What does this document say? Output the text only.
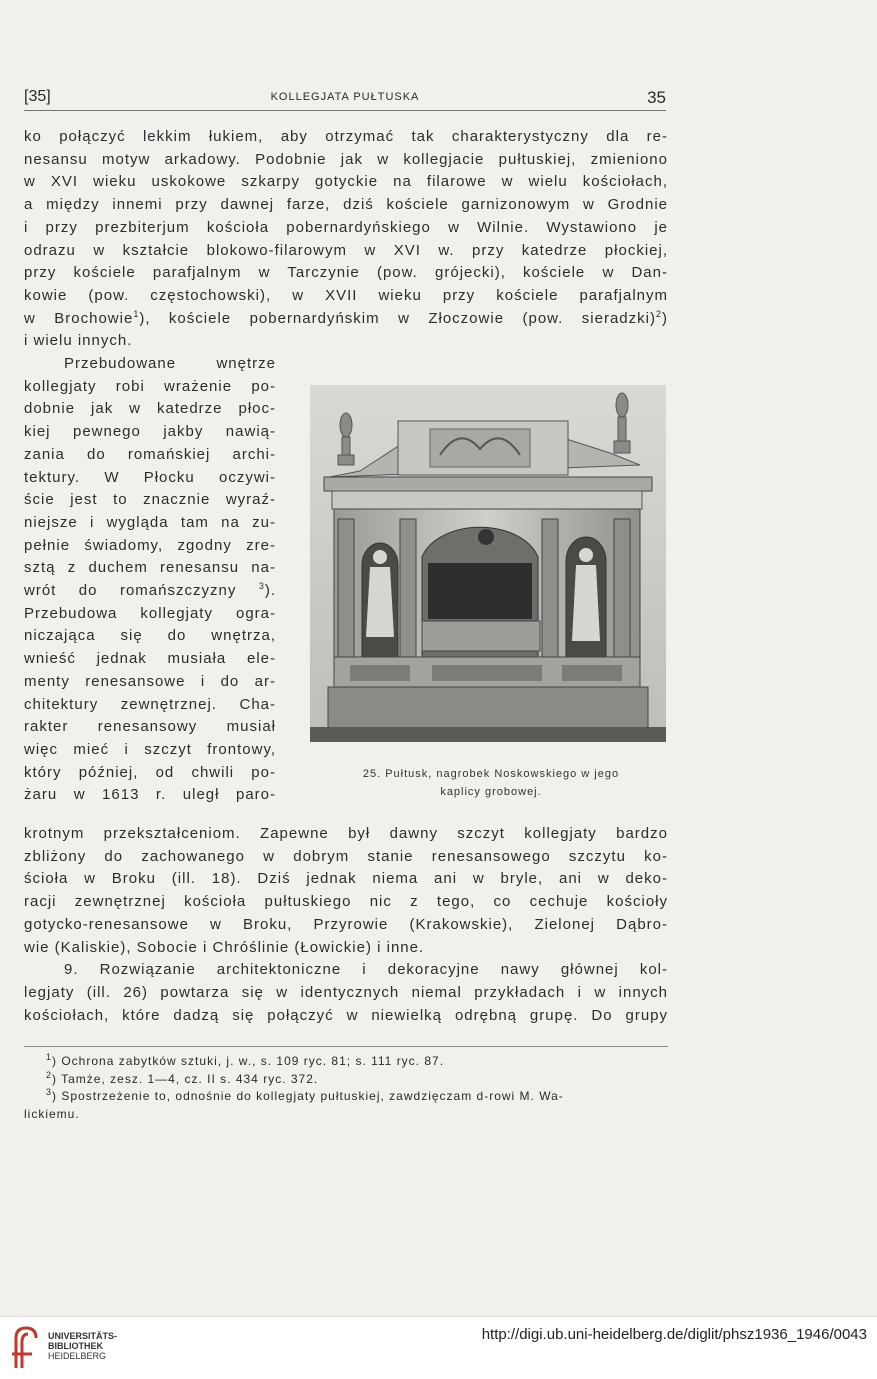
[35]	KOLLEGJATA PUŁTUSKA	35
ko połączyć lekkim łukiem, aby otrzymać tak charakterystyczny dla re-
nesansu motyw arkadowy. Podobnie jak w kollegjacie pułtuskiej, zmieniono
w XVI wieku uskokowe szkarpy gotyckie na filarowe w wielu kościołach,
a między innemi przy dawnej farze, dziś kościele garnizonowym w Grodnie
i przy prezbiterjum kościoła pobernardyńskiego w Wilnie. Wystawiono je
odrazu w kształcie blokowo-filarowym w XVI w. przy katedrze płockiej,
przy kościele parafjalnym w Tarczynie (pow. grójecki), kościele w Dan-
kowie (pow. częstochowski), w XVII wieku przy kościele parafjalnym
w Brochowie$^1$), kościele pobernardyńskim w Złoczowie (pow. sieradzki)$^2$)
i wielu innych.
Przebudowane wnętrze
kollegjaty robi wrażenie po-
dobnie jak w katedrze płoc-
kiej pewnego jakby nawią-
zania do romańskiej archi-
tektury. W Płocku oczywi-
ście jest to znacznie wyraź-
niejsze i wygląda tam na zu-
pełnie świadomy, zgodny zre-
sztą z duchem renesansu na-
wrót do romańszczyzny $^3$).
Przebudowa kollegjaty ogra-
niczająca się do wnętrza,
wnieść jednak musiała ele-
menty renesansowe i do ar-
chitektury zewnętrznej. Cha-
rakter renesansowy musiał
więc mieć i szczyt frontowy,
który później, od chwili po-
żaru w 1613 r. uległ paro-
25. Pułtusk, nagrobek Noskowskiego w jego
kaplicy grobowej.
krotnym przekształceniom. Zapewne był dawny szczyt kollegjaty bardzo
zbliżony do zachowanego w dobrym stanie renesansowego szczytu ko-
ścioła w Broku (ill. 18). Dziś jednak niema ani w bryle, ani w deko-
racji zewnętrznej kościoła pułtuskiego nic z tego, co cechuje kościoły
gotycko-renesansowe w Broku, Przyrowie (Krakowskie), Zielonej Dąbro-
wie (Kaliskie), Sobocie i Chróślinie (Łowickie) i inne.
9. Rozwiązanie architektoniczne i dekoracyjne nawy głównej kol-
legjaty (ill. 26) powtarza się w identycznych niemal przykładach i w innych
kościołach, które dadzą się połączyć w niewielką odrębną grupę. Do grupy
$^1$) Ochrona zabytków sztuki, j. w., s. 109 ryc. 81; s. 111 ryc. 87.
$^2$) Tamże, zesz. 1—4, cz. II s. 434 ryc. 372.
$^3$) Spostrzeżenie to, odnośnie do kollegjaty pułtuskiej, zawdzięczam d-rowi M. Wa-
lickiemu.
UNIVERSITÄTS-
BIBLIOTHEK
HEIDELBERG
http://digi.ub.uni-heidelberg.de/diglit/phsz1936_1946/0043
